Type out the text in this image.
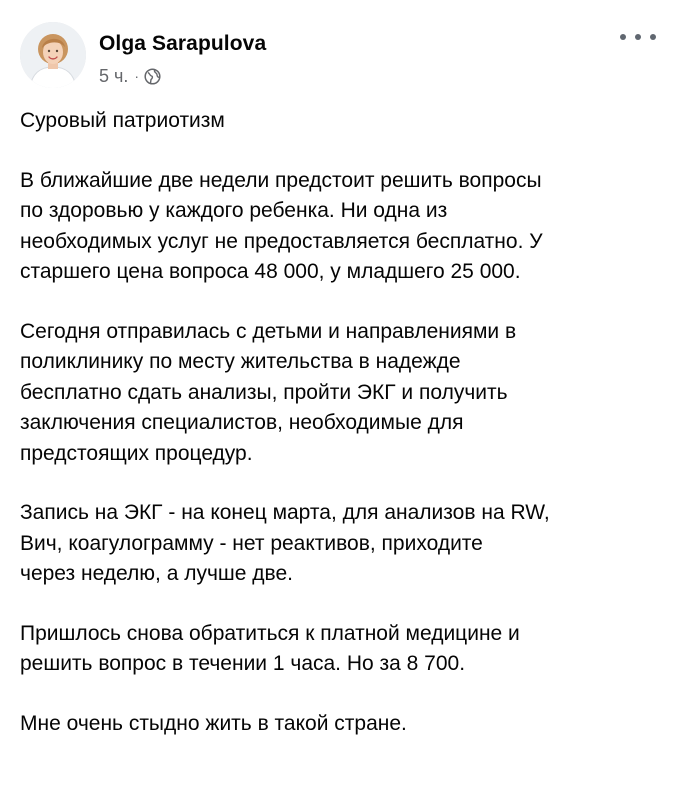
Olga Sarapulova
5 ч. ·

Суровый патриотизм

В ближайшие две недели предстоит решить вопросы
по здоровью у каждого ребенка. Ни одна из
необходимых услуг не предоставляется бесплатно. У
старшего цена вопроса 48 000, у младшего 25 000.

Сегодня отправилась с детьми и направлениями в
поликлинику по месту жительства в надежде
бесплатно сдать анализы, пройти ЭКГ и получить
заключения специалистов, необходимые для
предстоящих процедур.

Запись на ЭКГ - на конец марта, для анализов на RW,
Вич, коагулограмму - нет реактивов, приходите
через неделю, а лучше две.

Пришлось снова обратиться к платной медицине и
решить вопрос в течении 1 часа. Но за 8 700.

Мне очень стыдно жить в такой стране.
